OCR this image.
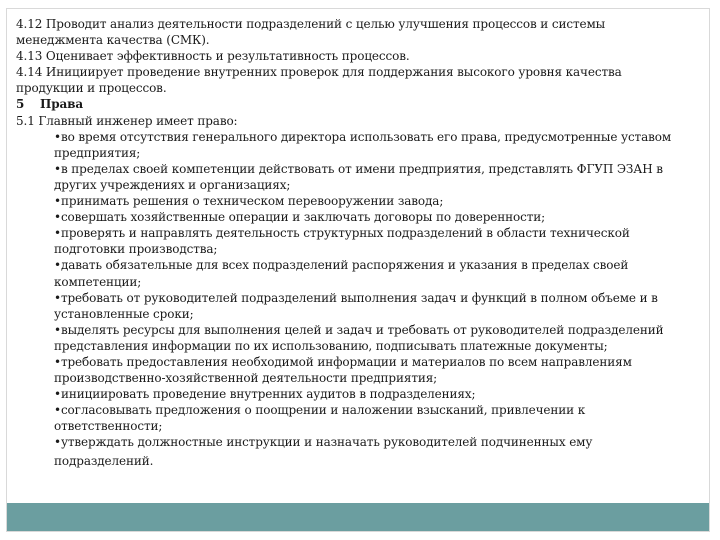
4.12 Проводит анализ деятельности подразделений с целью улучшения процессов и системы
менеджмента качества (СМК).
4.13 Оценивает эффективность и результативность процессов.
4.14 Инициирует проведение внутренних проверок для поддержания высокого уровня качества
продукции и процессов.
5 Права
5.1 Главный инженер имеет право:
•во время отсутствия генерального директора использовать его права, предусмотренные уставом
предприятия;
•в пределах своей компетенции действовать от имени предприятия, представлять ФГУП ЭЗАН в
других учреждениях и организациях;
•принимать решения о техническом перевооружении завода;
•совершать хозяйственные операции и заключать договоры по доверенности;
•проверять и направлять деятельность структурных подразделений в области технической
подготовки производства;
•давать обязательные для всех подразделений распоряжения и указания в пределах своей
компетенции;
•требовать от руководителей подразделений выполнения задач и функций в полном объеме и в
установленные сроки;
•выделять ресурсы для выполнения целей и задач и требовать от руководителей подразделений
представления информации по их использованию, подписывать платежные документы;
•требовать предоставления необходимой информации и материалов по всем направлениям
производственно-хозяйственной деятельности предприятия;
•инициировать проведение внутренних аудитов в подразделениях;
•согласовывать предложения о поощрении и наложении взысканий, привлечении к
ответственности;
•утверждать должностные инструкции и назначать руководителей подчиненных ему
подразделений.
